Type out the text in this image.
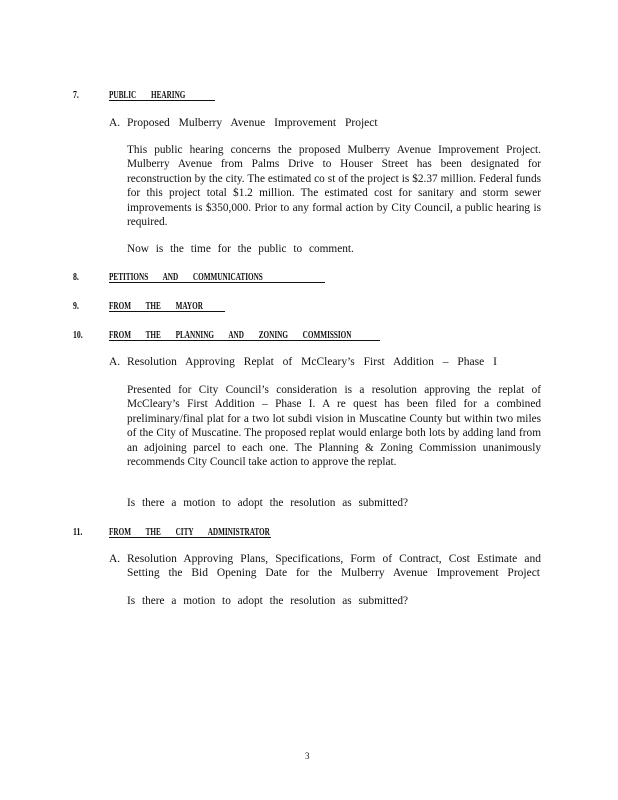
7.	PUBLIC HEARING
A. Proposed Mulberry Avenue Improvement Project
This public hearing concerns the proposed Mulberry Avenue Improvement Project. Mulberry Avenue from Palms Drive to Houser Street has been designated for reconstruction by the city. The estimated co st of the project is $2.37 million. Federal funds for this project total $1.2 million. The estimated cost for sanitary and storm sewer improvements is $350,000. Prior to any formal action by City Council, a public hearing is required.
Now is the time for the public to comment.
8.	PETITIONS AND COMMUNICATIONS
9.	FROM THE MAYOR
10.	FROM THE PLANNING AND ZONING COMMISSION
A. Resolution Approving Replat of McCleary’s First Addition – Phase I
Presented for City Council’s consideration is a resolution approving the replat of McCleary’s First Addition – Phase I. A re quest has been filed for a combined preliminary/final plat for a two lot subdi vision in Muscatine County but within two miles of the City of Muscatine. The proposed replat would enlarge both lots by adding land from an adjoining parcel to each one. The Planning & Zoning Commission unanimously recommends City Council take action to approve the replat.
Is there a motion to adopt the resolution as submitted?
11.	FROM THE CITY ADMINISTRATOR
A. Resolution Approving Plans, Specifications, Form of Contract, Cost Estimate and
Setting the Bid Opening Date for the Mulberry Avenue Improvement Project
Is there a motion to adopt the resolution as submitted?
3
